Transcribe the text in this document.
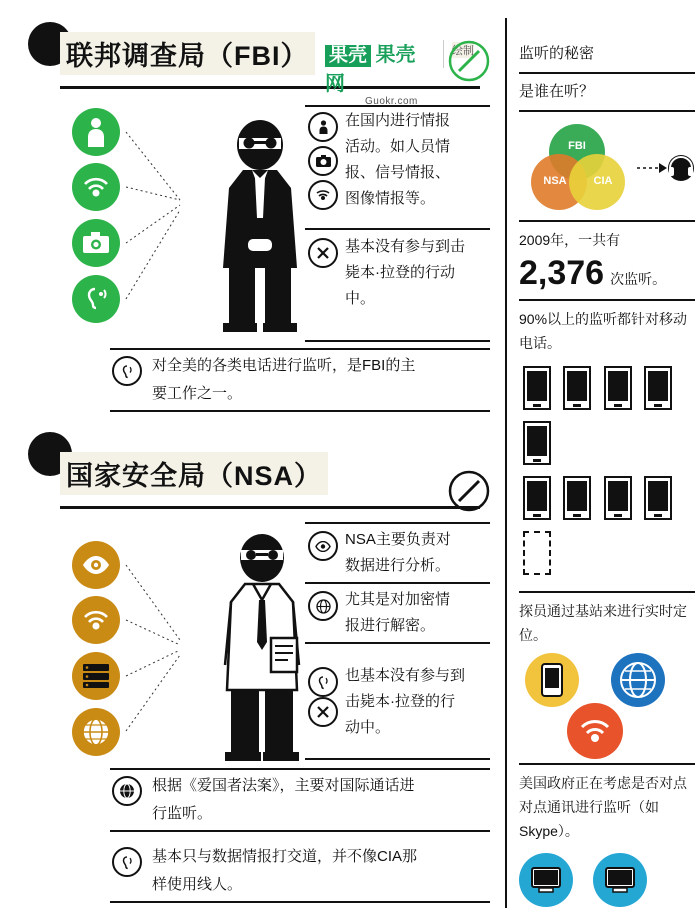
联邦调查局（FBI）	果壳 果壳网
Guokr.com
绘制
在国内进行情报
活动。如人员情
报、信号情报、
图像情报等。
基本没有参与到击
毙本·拉登的行动
中。
对全美的各类电话进行监听，是FBI的主
要工作之一。
国家安全局（NSA）
NSA主要负责对
数据进行分析。
尤其是对加密情
报进行解密。
也基本没有参与到
击毙本·拉登的行
动中。
根据《爱国者法案》，主要对国际通话进
行监听。
基本只与数据情报打交道，并不像CIA那
样使用线人。
监听的秘密
是谁在听？
FBI
NSA CIA
2009年，一共有
2,376 次监听。
90%以上的监听都针对移动电话。

探员通过基站来进行实时定位。
美国政府正在考虑是否对点对点通讯进行监听（如Skype）。
